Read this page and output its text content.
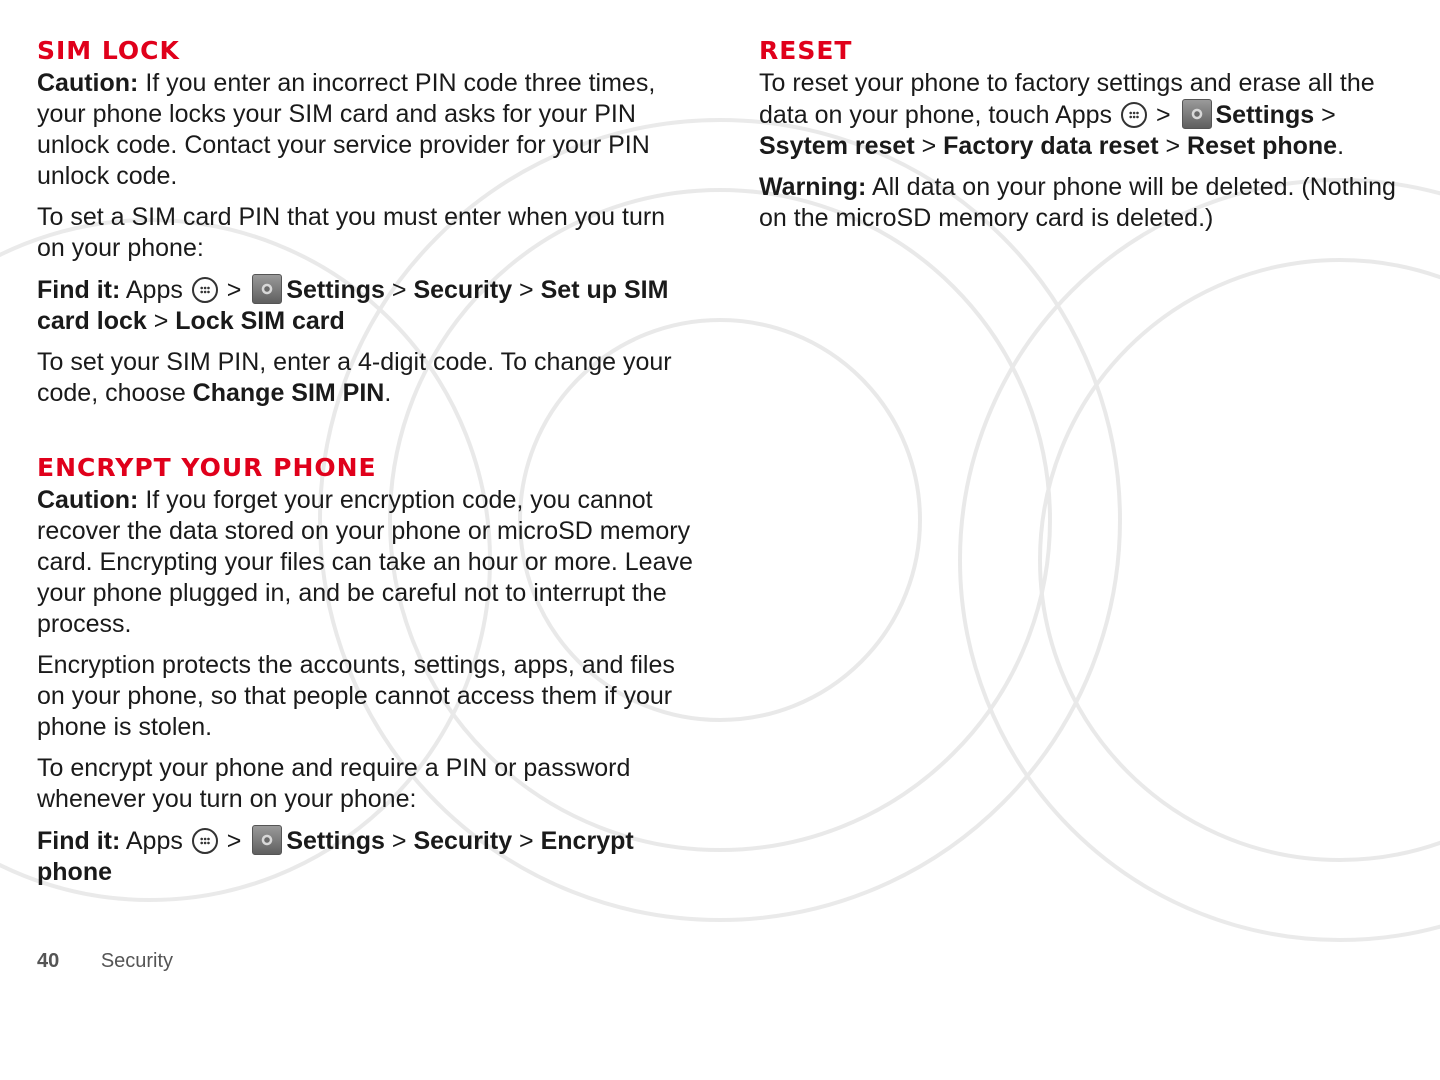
SIM LOCK

Caution: If you enter an incorrect PIN code three times, your phone locks your SIM card and asks for your PIN unlock code. Contact your service provider for your PIN unlock code.

To set a SIM card PIN that you must enter when you turn on your phone:

Find it: Apps  > Settings > Security > Set up SIM card lock > Lock SIM card

To set your SIM PIN, enter a 4-digit code. To change your code, choose Change SIM PIN.

ENCRYPT YOUR PHONE

Caution: If you forget your encryption code, you cannot recover the data stored on your phone or microSD memory card. Encrypting your files can take an hour or more. Leave your phone plugged in, and be careful not to interrupt the process.

Encryption protects the accounts, settings, apps, and files on your phone, so that people cannot access them if your phone is stolen.

To encrypt your phone and require a PIN or password whenever you turn on your phone:

Find it: Apps  > Settings > Security > Encrypt phone

RESET

To reset your phone to factory settings and erase all the data on your phone, touch Apps  > Settings > Ssytem reset > Factory data reset > Reset phone.

Warning: All data on your phone will be deleted. (Nothing on the microSD memory card is deleted.)

40 Security
